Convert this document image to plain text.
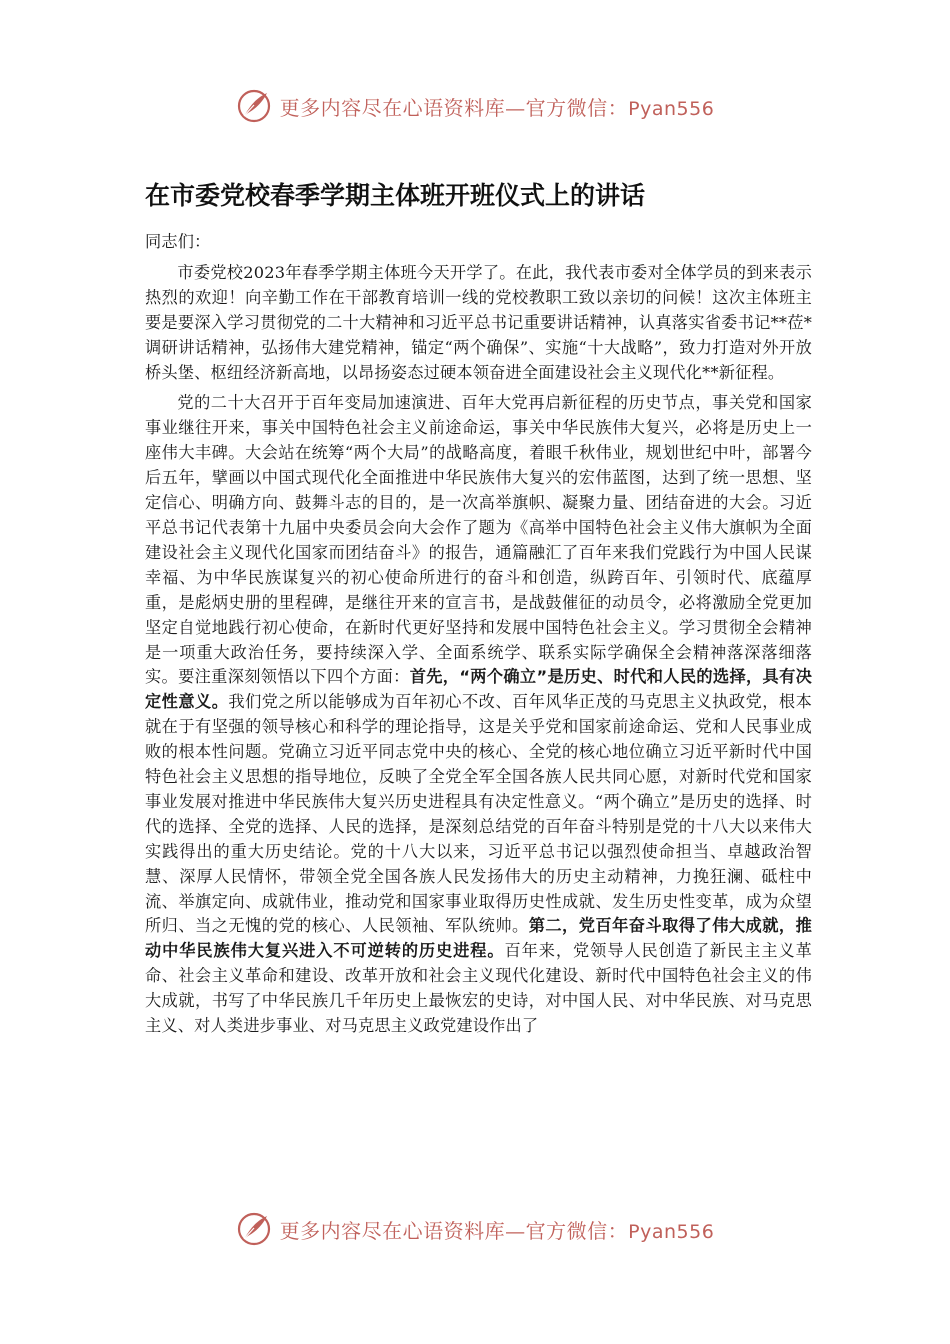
更多内容尽在心语资料库—官方微信：Pyan556
在市委党校春季学期主体班开班仪式上的讲话

同志们：

市委党校2023年春季学期主体班今天开学了。在此，我代表市委对全体学员的到来表示热烈的欢迎！向辛勤工作在干部教育培训一线的党校教职工致以亲切的问候！这次主体班主要是要深入学习贯彻党的二十大精神和习近平总书记重要讲话精神，认真落实省委书记**莅*调研讲话精神，弘扬伟大建党精神，锚定“两个确保”、实施“十大战略”，致力打造对外开放桥头堡、枢纽经济新高地，以昂扬姿态过硬本领奋进全面建设社会主义现代化**新征程。

党的二十大召开于百年变局加速演进、百年大党再启新征程的历史节点，事关党和国家事业继往开来，事关中国特色社会主义前途命运，事关中华民族伟大复兴，必将是历史上一座伟大丰碑。大会站在统筹“两个大局”的战略高度，着眼千秋伟业，规划世纪中叶，部署今后五年，擘画以中国式现代化全面推进中华民族伟大复兴的宏伟蓝图，达到了统一思想、坚定信心、明确方向、鼓舞斗志的目的，是一次高举旗帜、凝聚力量、团结奋进的大会。习近平总书记代表第十九届中央委员会向大会作了题为《高举中国特色社会主义伟大旗帜为全面建设社会主义现代化国家而团结奋斗》的报告，通篇融汇了百年来我们党践行为中国人民谋幸福、为中华民族谋复兴的初心使命所进行的奋斗和创造，纵跨百年、引领时代、底蕴厚重，是彪炳史册的里程碑，是继往开来的宣言书，是战鼓催征的动员令，必将激励全党更加坚定自觉地践行初心使命，在新时代更好坚持和发展中国特色社会主义。学习贯彻全会精神是一项重大政治任务，要持续深入学、全面系统学、联系实际学确保全会精神落深落细落实。要注重深刻领悟以下四个方面：首先，“两个确立”是历史、时代和人民的选择，具有决定性意义。我们党之所以能够成为百年初心不改、百年风华正茂的马克思主义执政党，根本就在于有坚强的领导核心和科学的理论指导，这是关乎党和国家前途命运、党和人民事业成败的根本性问题。党确立习近平同志党中央的核心、全党的核心地位确立习近平新时代中国特色社会主义思想的指导地位，反映了全党全军全国各族人民共同心愿，对新时代党和国家事业发展对推进中华民族伟大复兴历史进程具有决定性意义。“两个确立”是历史的选择、时代的选择、全党的选择、人民的选择，是深刻总结党的百年奋斗特别是党的十八大以来伟大实践得出的重大历史结论。党的十八大以来，习近平总书记以强烈使命担当、卓越政治智慧、深厚人民情怀，带领全党全国各族人民发扬伟大的历史主动精神，力挽狂澜、砥柱中流、举旗定向、成就伟业，推动党和国家事业取得历史性成就、发生历史性变革，成为众望所归、当之无愧的党的核心、人民领袖、军队统帅。第二，党百年奋斗取得了伟大成就，推动中华民族伟大复兴进入不可逆转的历史进程。百年来，党领导人民创造了新民主主义革命、社会主义革命和建设、改革开放和社会主义现代化建设、新时代中国特色社会主义的伟大成就，书写了中华民族几千年历史上最恢宏的史诗，对中国人民、对中华民族、对马克思主义、对人类进步事业、对马克思主义政党建设作出了

更多内容尽在心语资料库—官方微信：Pyan556
